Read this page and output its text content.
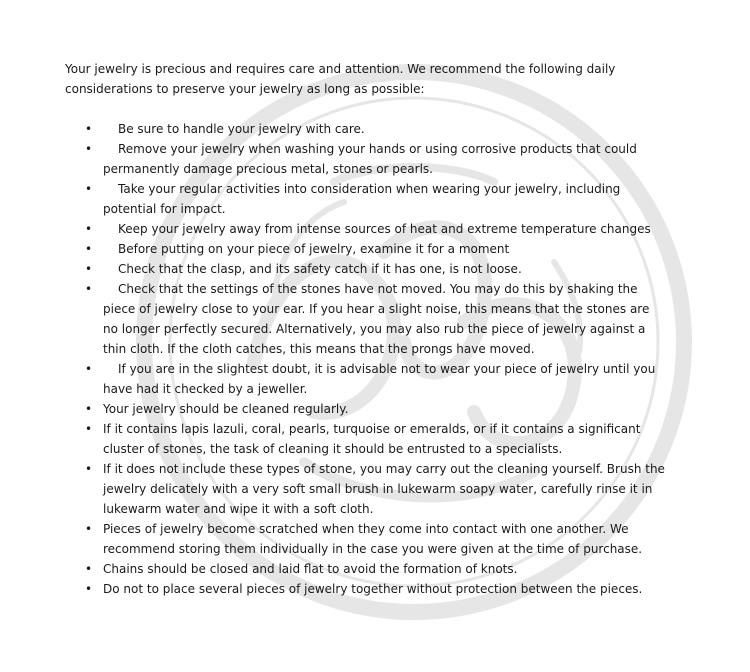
Your jewelry is precious and requires care and attention. We recommend the following daily considerations to preserve your jewelry as long as possible:

• Be sure to handle your jewelry with care.
• Remove your jewelry when washing your hands or using corrosive products that could permanently damage precious metal, stones or pearls.
• Take your regular activities into consideration when wearing your jewelry, including potential for impact.
• Keep your jewelry away from intense sources of heat and extreme temperature changes
• Before putting on your piece of jewelry, examine it for a moment
• Check that the clasp, and its safety catch if it has one, is not loose.
• Check that the settings of the stones have not moved. You may do this by shaking the piece of jewelry close to your ear. If you hear a slight noise, this means that the stones are no longer perfectly secured. Alternatively, you may also rub the piece of jewelry against a thin cloth. If the cloth catches, this means that the prongs have moved.
• If you are in the slightest doubt, it is advisable not to wear your piece of jewelry until you have had it checked by a jeweller.
• Your jewelry should be cleaned regularly.
• If it contains lapis lazuli, coral, pearls, turquoise or emeralds, or if it contains a significant cluster of stones, the task of cleaning it should be entrusted to a specialists.
• If it does not include these types of stone, you may carry out the cleaning yourself. Brush the jewelry delicately with a very soft small brush in lukewarm soapy water, carefully rinse it in lukewarm water and wipe it with a soft cloth.
• Pieces of jewelry become scratched when they come into contact with one another. We recommend storing them individually in the case you were given at the time of purchase.
• Chains should be closed and laid flat to avoid the formation of knots.
• Do not to place several pieces of jewelry together without protection between the pieces.
